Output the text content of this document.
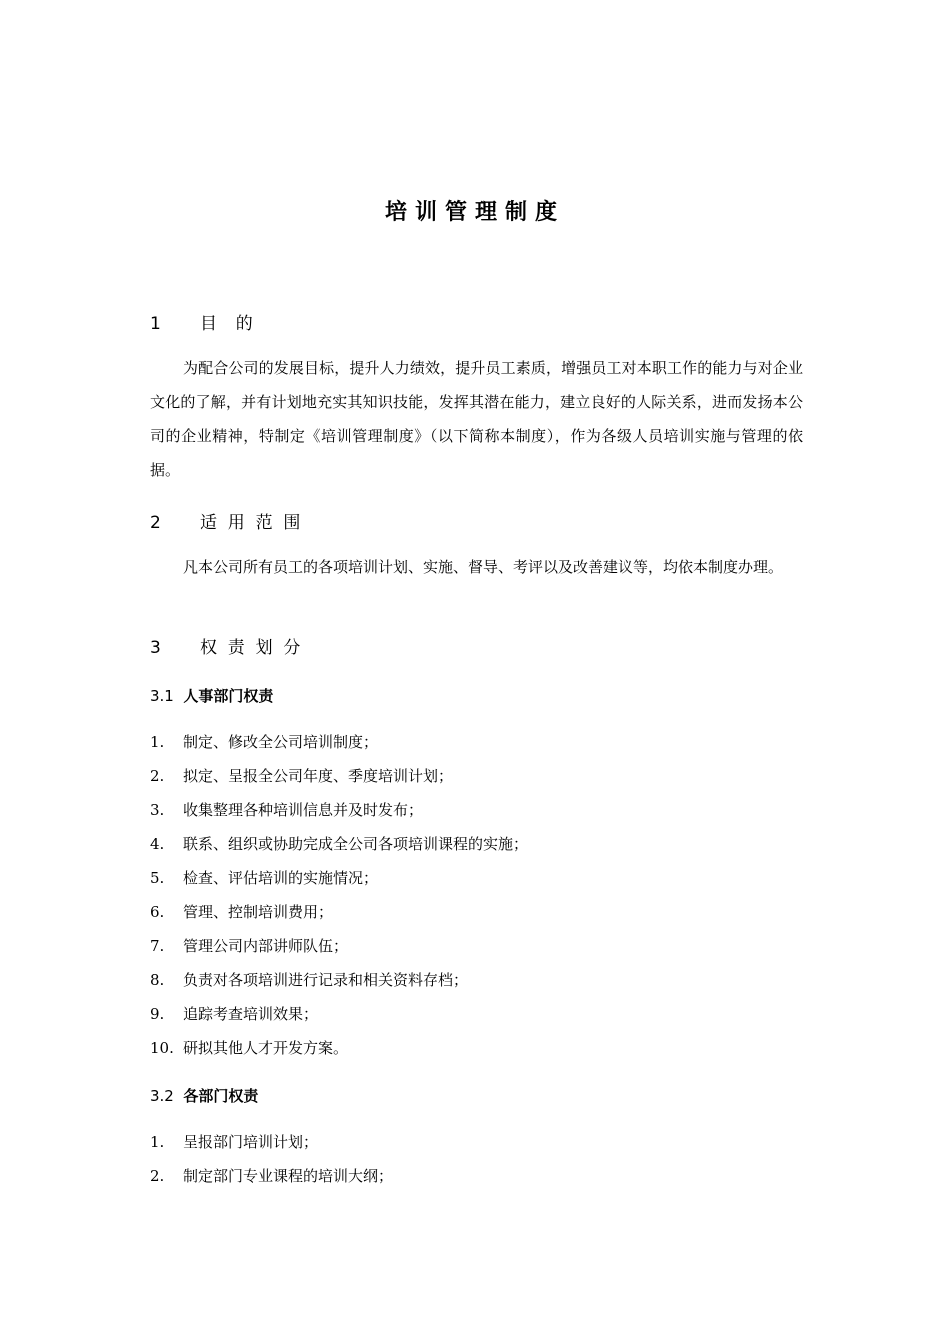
培训管理制度
1 目  的
为配合公司的发展目标，提升人力绩效，提升员工素质，增强员工对本职工作的能力与对企业文化的了解，并有计划地充实其知识技能，发挥其潜在能力，建立良好的人际关系，进而发扬本公司的企业精神，特制定《培训管理制度》（以下简称本制度），作为各级人员培训实施与管理的依据。
2 适  用  范  围
凡本公司所有员工的各项培训计划、实施、督导、考评以及改善建议等，均依本制度办理。
3 权  责  划  分
3.1 人事部门权责
1. 制定、修改全公司培训制度；
2. 拟定、呈报全公司年度、季度培训计划；
3. 收集整理各种培训信息并及时发布；
4. 联系、组织或协助完成全公司各项培训课程的实施；
5. 检查、评估培训的实施情况；
6. 管理、控制培训费用；
7. 管理公司内部讲师队伍；
8. 负责对各项培训进行记录和相关资料存档；
9. 追踪考查培训效果；
10. 研拟其他人才开发方案。
3.2 各部门权责
1. 呈报部门培训计划；
2. 制定部门专业课程的培训大纲；
